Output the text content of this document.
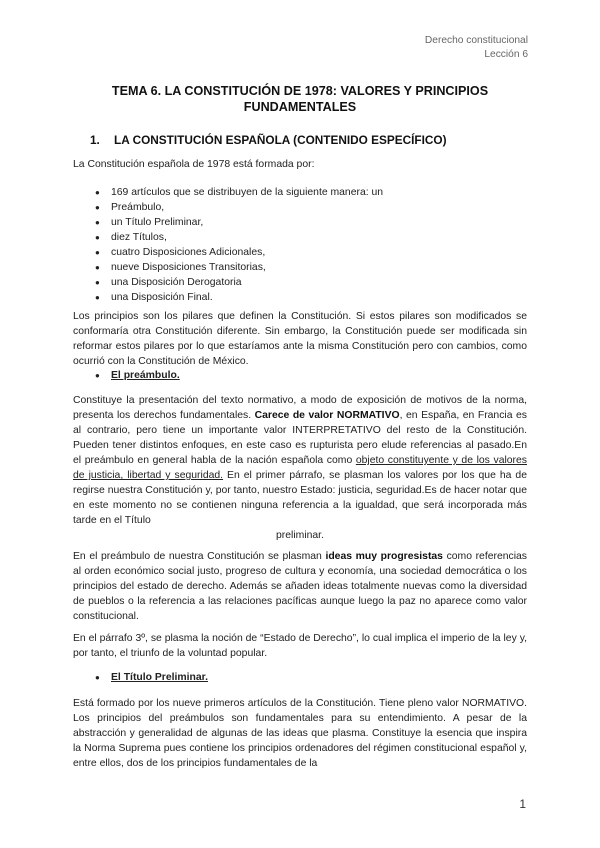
Derecho constitucional
Lección 6
TEMA 6. LA CONSTITUCIÓN DE 1978: VALORES Y PRINCIPIOS
FUNDAMENTALES
1. LA CONSTITUCIÓN ESPAÑOLA (CONTENIDO ESPECÍFICO)
La Constitución española de 1978 está formada por:
● 169 artículos que se distribuyen de la siguiente manera: un
● Preámbulo,
● un Título Preliminar,
● diez Títulos,
● cuatro Disposiciones Adicionales,
● nueve Disposiciones Transitorias,
● una Disposición Derogatoria
● una Disposición Final.
Los principios son los pilares que definen la Constitución. Si estos pilares son modificados se conformaría otra Constitución diferente. Sin embargo, la Constitución puede ser modificada sin reformar estos pilares por lo que estaríamos ante la misma Constitución pero con cambios, como ocurrió con la Constitución de México.
● El preámbulo.
Constituye la presentación del texto normativo, a modo de exposición de motivos de la norma, presenta los derechos fundamentales. Carece de valor NORMATIVO, en España, en Francia es al contrario, pero tiene un importante valor INTERPRETATIVO del resto de la Constitución. Pueden tener distintos enfoques, en este caso es rupturista pero elude referencias al pasado.En el preámbulo en general habla de la nación española como objeto constituyente y de los valores de justicia, libertad y seguridad. En el primer párrafo, se plasman los valores por los que ha de regirse nuestra Constitución y, por tanto, nuestro Estado: justicia, seguridad.Es de hacer notar que en este momento no se contienen ninguna referencia a la igualdad, que será incorporada más tarde en el Título
preliminar.
En el preámbulo de nuestra Constitución se plasman ideas muy progresistas como referencias al orden económico social justo, progreso de cultura y economía, una sociedad democrática o los principios del estado de derecho. Además se añaden ideas totalmente nuevas como la diversidad de pueblos o la referencia a las relaciones pacíficas aunque luego la paz no aparece como valor constitucional.
En el párrafo 3º, se plasma la noción de “Estado de Derecho”, lo cual implica el imperio de la ley y, por tanto, el triunfo de la voluntad popular.
● El Título Preliminar.
Está formado por los nueve primeros artículos de la Constitución. Tiene pleno valor NORMATIVO. Los principios del preámbulos son fundamentales para su entendimiento. A pesar de la abstracción y generalidad de algunas de las ideas que plasma. Constituye la esencia que inspira la Norma Suprema pues contiene los principios ordenadores del régimen constitucional español y, entre ellos, dos de los principios fundamentales de la
1
